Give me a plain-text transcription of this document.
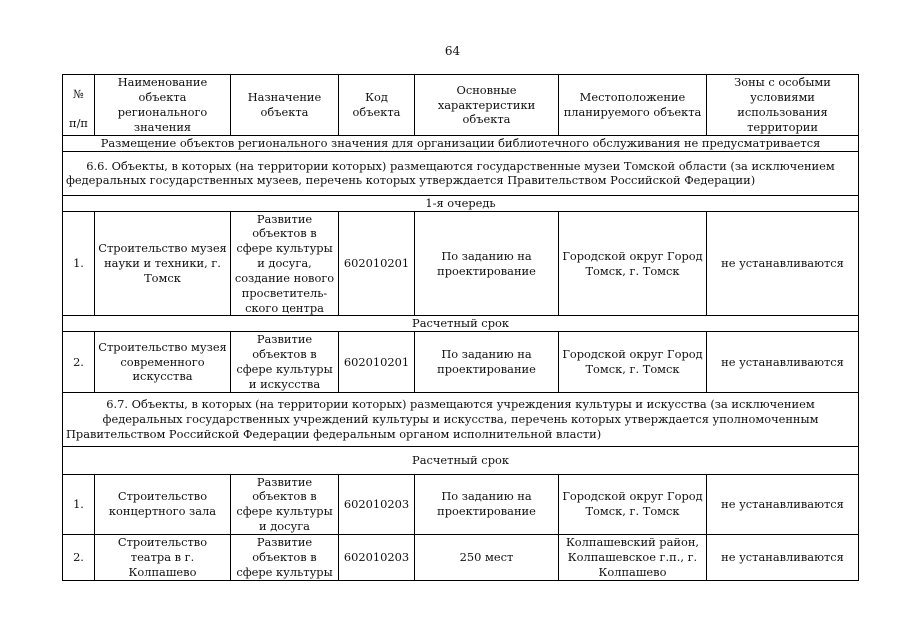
64
№
п/п	Наименование объекта регионального значения	Назначение объекта	Код объекта	Основные характеристики объекта	Местоположение планируемого объекта	Зоны с особыми условиями использования территории
Размещение объектов регионального значения для организации библиотечного обслуживания не предусматривается						
6.6. Объекты, в которых (на территории которых) размещаются государственные музеи Томской области (за исключением федеральных государственных музеев, перечень которых утверждается Правительством Российской Федерации)						
1-я очередь						
1.	Строительство музея науки и техники, г. Томск	Развитие объектов в сфере культуры и досуга, создание нового просветитель-ского центра	602010201	По заданию на проектирование	Городской округ Город Томск, г. Томск	не устанавливаются
Расчетный срок						
2.	Строительство музея современного искусства	Развитие объектов в сфере культуры и искусства	602010201	По заданию на проектирование	Городской округ Город Томск, г. Томск	не устанавливаются
6.7. Объекты, в которых (на территории которых) размещаются учреждения культуры и искусства (за исключением федеральных государственных учреждений культуры и искусства, перечень которых утверждается уполномоченным Правительством Российской Федерации федеральным органом исполнительной власти)						
Расчетный срок						
1.	Строительство концертного зала	Развитие объектов в сфере культуры и досуга	602010203	По заданию на проектирование	Городской округ Город Томск, г. Томск	не устанавливаются
2.	Строительство театра в г. Колпашево	Развитие объектов в сфере культуры	602010203	250 мест	Колпашевский район, Колпашевское г.п., г. Колпашево	не устанавливаются
